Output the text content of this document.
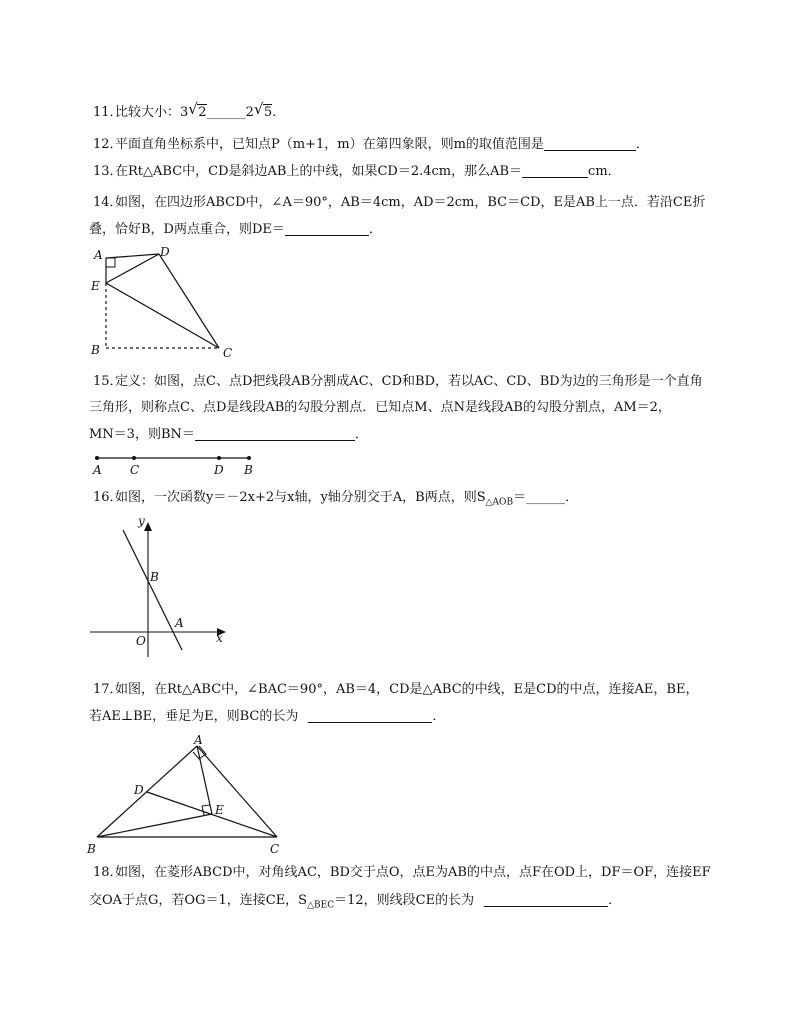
11．比较大小：3 √ 2______2 √ 5.
12．平面直角坐标系中，已知点P（m+1，m）在第四象限，则m的取值范围是	．
13．在Rt△ABC中，CD是斜边AB上的中线，如果CD＝2.4cm，那么AB＝	cm．
14．如图，在四边形ABCD中，∠A＝90°，AB＝4cm，AD＝2cm，BC＝CD，E是AB上一点．若沿CE折
叠，恰好B，D两点重合，则DE＝	．
A	D
E
B	C
15．定义：如图，点C、点D把线段AB分割成AC、CD和BD，若以AC、CD、BD为边的三角形是一个直角
三角形，则称点C、点D是线段AB的勾股分割点．已知点M、点N是线段AB的勾股分割点，AM＝2，
MN＝3，则BN＝	．
A C	D B
16．如图，一次函数y＝－2x+2与x轴，y轴分别交于A，B两点，则$S_{\triangle AOB}=\_\_\_\_\_\_$．
y
x
O
A
B
17．如图，在Rt△ABC中，∠BAC＝90°，AB＝4，CD是△ABC的中线，E是CD的中点，连接AE，BE，
若AE⊥BE，垂足为E，则BC的长为	．
A
B	C
D
E
18．如图，在菱形ABCD中，对角线AC，BD交于点O，点E为AB的中点，点F在OD上，DF＝OF，连接EF
交OA于点G，若OG＝1，连接CE，$S_{\triangle BEC}=12$，则线段CE的长为	．
